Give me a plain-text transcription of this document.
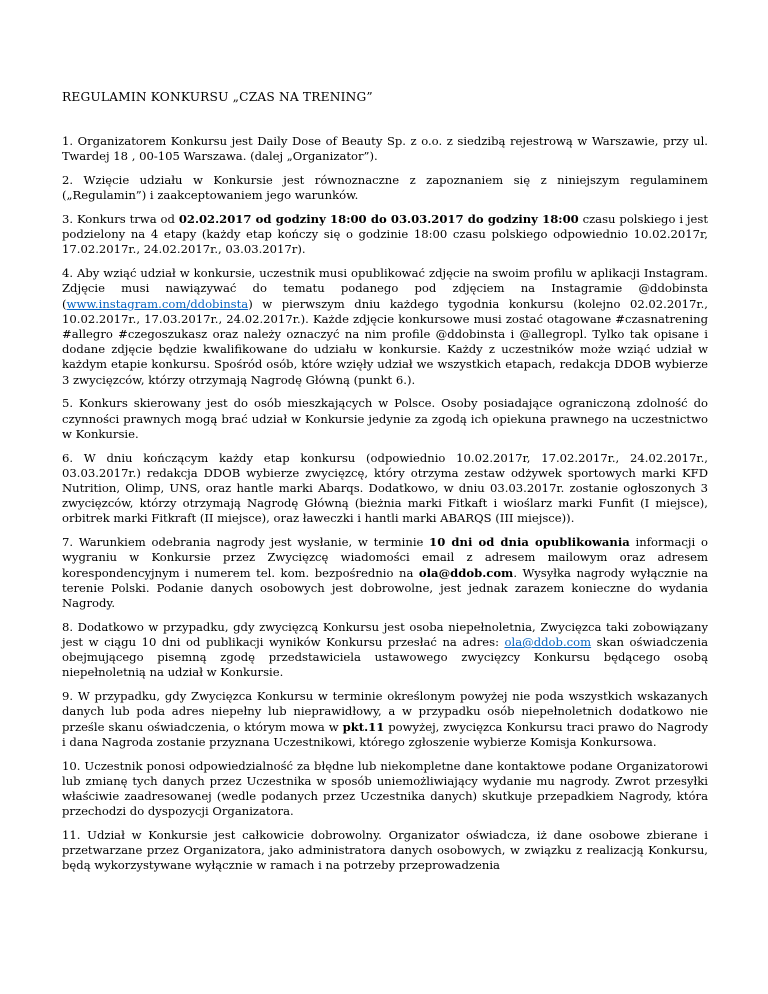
REGULAMIN KONKURSU „CZAS NA TRENING”

1. Organizatorem Konkursu jest Daily Dose of Beauty Sp. z o.o. z siedzibą rejestrową w Warszawie, przy ul. Twardej 18 , 00-105 Warszawa. (dalej „Organizator”).

2. Wzięcie udziału w Konkursie jest równoznaczne z zapoznaniem się z niniejszym regulaminem („Regulamin”) i zaakceptowaniem jego warunków.

3. Konkurs trwa od 02.02.2017 od godziny 18:00 do 03.03.2017 do godziny 18:00 czasu polskiego i jest podzielony na 4 etapy (każdy etap kończy się o godzinie 18:00 czasu polskiego odpowiednio 10.02.2017r, 17.02.2017r., 24.02.2017r., 03.03.2017r).

4. Aby wziąć udział w konkursie, uczestnik musi opublikować zdjęcie na swoim profilu w aplikacji Instagram. Zdjęcie musi nawiązywać do tematu podanego pod zdjęciem na Instagramie @ddobinsta (www.instagram.com/ddobinsta) w pierwszym dniu każdego tygodnia konkursu (kolejno 02.02.2017r., 10.02.2017r., 17.03.2017r., 24.02.2017r.). Każde zdjęcie konkursowe musi zostać otagowane #czasnatrening #allegro #czegoszukasz oraz należy oznaczyć na nim profile @ddobinsta i @allegropl. Tylko tak opisane i dodane zdjęcie będzie kwalifikowane do udziału w konkursie. Każdy z uczestników może wziąć udział w każdym etapie konkursu. Spośród osób, które wzięły udział we wszystkich etapach, redakcja DDOB wybierze 3 zwycięzców, którzy otrzymają Nagrodę Główną (punkt 6.).

5. Konkurs skierowany jest do osób mieszkających w Polsce. Osoby posiadające ograniczoną zdolność do czynności prawnych mogą brać udział w Konkursie jedynie za zgodą ich opiekuna prawnego na uczestnictwo w Konkursie.

6. W dniu kończącym każdy etap konkursu (odpowiednio 10.02.2017r, 17.02.2017r., 24.02.2017r., 03.03.2017r.) redakcja DDOB wybierze zwycięzcę, który otrzyma zestaw odżywek sportowych marki KFD Nutrition, Olimp, UNS, oraz hantle marki Abarqs. Dodatkowo, w dniu 03.03.2017r. zostanie ogłoszonych 3 zwycięzców, którzy otrzymają Nagrodę Główną (bieżnia marki Fitkaft i wioślarz marki Funfit (I miejsce), orbitrek marki Fitkraft (II miejsce), oraz ławeczki i hantli marki ABARQS (III miejsce)).

7. Warunkiem odebrania nagrody jest wysłanie, w terminie 10 dni od dnia opublikowania informacji o wygraniu w Konkursie przez Zwycięzcę wiadomości email z adresem mailowym oraz adresem korespondencyjnym i numerem tel. kom. bezpośrednio na ola@ddob.com. Wysyłka nagrody wyłącznie na terenie Polski. Podanie danych osobowych jest dobrowolne, jest jednak zarazem konieczne do wydania Nagrody.

8. Dodatkowo w przypadku, gdy zwycięzcą Konkursu jest osoba niepełnoletnia, Zwycięzca taki zobowiązany jest w ciągu 10 dni od publikacji wyników Konkursu przesłać na adres: ola@ddob.com skan oświadczenia obejmującego pisemną zgodę przedstawiciela ustawowego zwycięzcy Konkursu będącego osobą niepełnoletnią na udział w Konkursie.

9. W przypadku, gdy Zwycięzca Konkursu w terminie określonym powyżej nie poda wszystkich wskazanych danych lub poda adres niepełny lub nieprawidłowy, a w przypadku osób niepełnoletnich dodatkowo nie prześle skanu oświadczenia, o którym mowa w pkt.11 powyżej, zwycięzca Konkursu traci prawo do Nagrody i dana Nagroda zostanie przyznana Uczestnikowi, którego zgłoszenie wybierze Komisja Konkursowa.

10. Uczestnik ponosi odpowiedzialność za błędne lub niekompletne dane kontaktowe podane Organizatorowi lub zmianę tych danych przez Uczestnika w sposób uniemożliwiający wydanie mu nagrody. Zwrot przesyłki właściwie zaadresowanej (wedle podanych przez Uczestnika danych) skutkuje przepadkiem Nagrody, która przechodzi do dyspozycji Organizatora.

11. Udział w Konkursie jest całkowicie dobrowolny. Organizator oświadcza, iż dane osobowe zbierane i przetwarzane przez Organizatora, jako administratora danych osobowych, w związku z realizacją Konkursu, będą wykorzystywane wyłącznie w ramach i na potrzeby przeprowadzenia
